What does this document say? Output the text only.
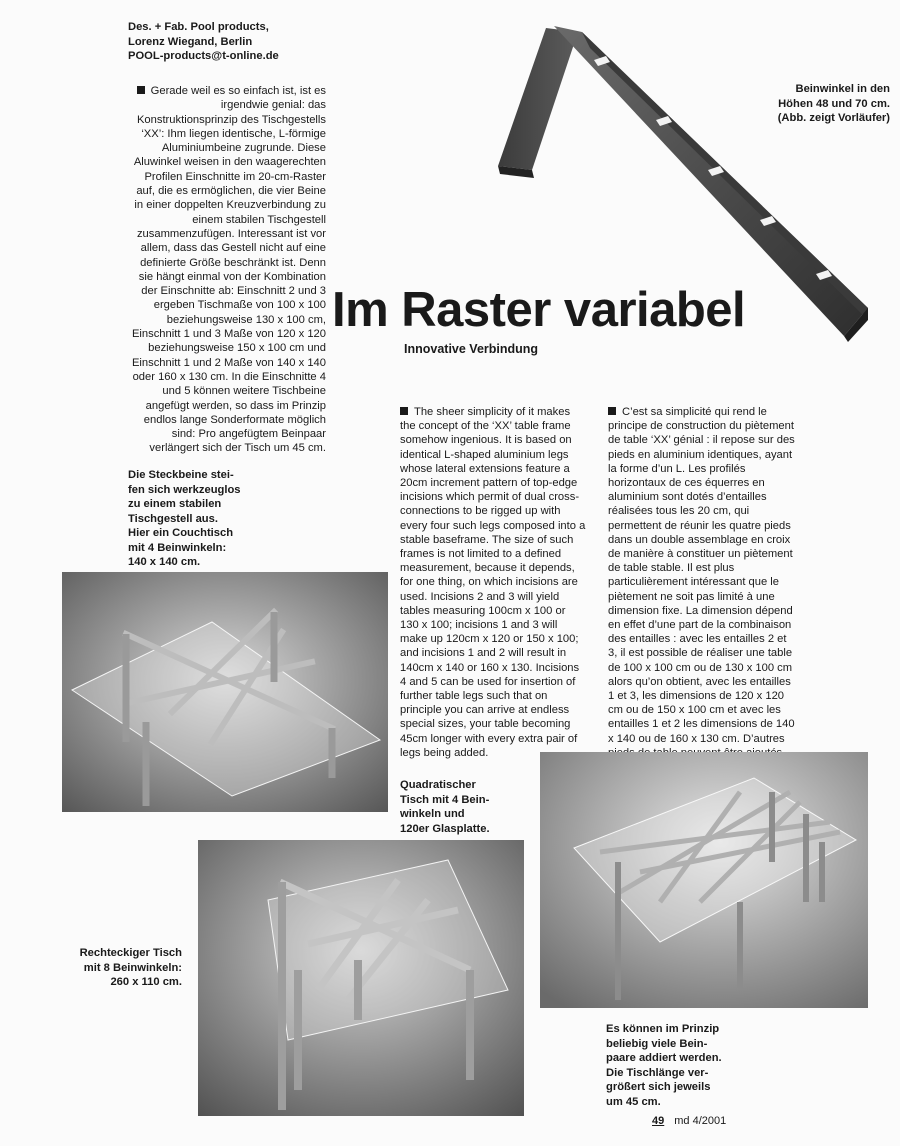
Des. + Fab. Pool products,
Lorenz Wiegand, Berlin
POOL-products@t-online.de
Gerade weil es so einfach ist, ist es irgendwie genial: das Konstruktionsprinzip des Tischgestells ‘XX’: Ihm liegen identische, L-förmige Aluminiumbeine zugrunde. Diese Aluwinkel weisen in den waagerechten Profilen Einschnitte im 20-cm-Raster auf, die es ermöglichen, die vier Beine in einer doppelten Kreuzverbindung zu einem stabilen Tischgestell zusammenzufügen. Interessant ist vor allem, dass das Gestell nicht auf eine definierte Größe beschränkt ist. Denn sie hängt einmal von der Kombination der Einschnitte ab: Einschnitt 2 und 3 ergeben Tischmaße von 100 x 100 beziehungsweise 130 x 100 cm, Einschnitt 1 und 3 Maße von 120 x 120 beziehungsweise 150 x 100 cm und Einschnitt 1 und 2 Maße von 140 x 140 oder 160 x 130 cm. In die Einschnitte 4 und 5 können weitere Tischbeine angefügt werden, so dass im Prinzip endlos lange Sonderformate möglich sind: Pro angefügtem Beinpaar verlängert sich der Tisch um 45 cm.
Beinwinkel in den
Höhen 48 und 70 cm.
(Abb. zeigt Vorläufer)
Im Raster variabel
Innovative Verbindung
The sheer simplicity of it makes the concept of the ‘XX’ table frame somehow ingenious. It is based on identical L-shaped aluminium legs whose lateral extensions feature a 20cm increment pattern of top-edge incisions which permit of dual cross-connections to be rigged up with every four such legs composed into a stable baseframe. The size of such frames is not limited to a defined measurement, because it depends, for one thing, on which incisions are used. Incisions 2 and 3 will yield tables measuring 100cm x 100 or 130 x 100; incisions 1 and 3 will make up 120cm x 120 or 150 x 100; and incisions 1 and 2 will result in 140cm x 140 or 160 x 130. Incisions 4 and 5 can be used for insertion of further table legs such that on principle you can arrive at endless special sizes, your table becoming 45cm longer with every extra pair of legs being added.
C’est sa simplicité qui rend le principe de construction du piètement de table ‘XX’ génial : il repose sur des pieds en aluminium identiques, ayant la forme d’un L. Les profilés horizontaux de ces équerres en aluminium sont dotés d’entailles réalisées tous les 20 cm, qui permettent de réunir les quatre pieds dans un double assemblage en croix de manière à constituer un piètement de table stable. Il est plus particulièrement intéressant que le piètement ne soit pas limité à une dimension fixe. La dimension dépend en effet d’une part de la combinaison des entailles : avec les entailles 2 et 3, il est possible de réaliser une table de 100 x 100 cm ou de 130 x 100 cm alors qu’on obtient, avec les entailles 1 et 3, les dimensions de 120 x 120 cm ou de 150 x 100 cm et avec les entailles 1 et 2 les dimensions de 140 x 140 ou de 160 x 130 cm. D’autres
Die Steckbeine stei-
fen sich werkzeuglos
zu einem stabilen
Tischgestell aus.
Hier ein Couchtisch
mit 4 Beinwinkeln:
140 x 140 cm.
Quadratischer
Tisch mit 4 Bein-
winkeln und
120er Glasplatte.
Rechteckiger Tisch
mit 8 Beinwinkeln:
260 x 110 cm.
Es können im Prinzip
beliebig viele Bein-
paare addiert werden.
Die Tischlänge ver-
größert sich jeweils
um 45 cm.
49 md 4/2001
